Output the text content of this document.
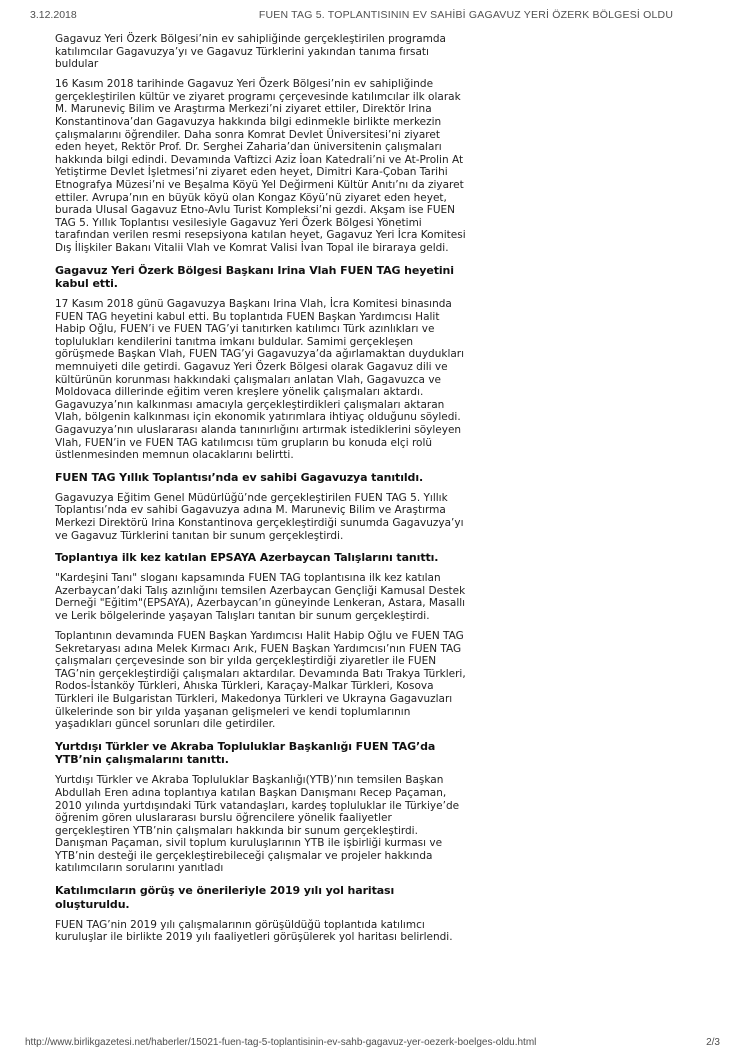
3.12.2018	FUEN TAG 5. TOPLANTISININ EV SAHİBİ GAGAVUZ YERİ ÖZERK BÖLGESİ OLDU

Gagavuz Yeri Özerk Bölgesi’nin ev sahipliğinde gerçekleştirilen programda katılımcılar Gagavuzya’yı ve Gagavuz Türklerini yakından tanıma fırsatı buldular

16 Kasım 2018 tarihinde Gagavuz Yeri Özerk Bölgesi’nin ev sahipliğinde gerçekleştirilen kültür ve ziyaret programı çerçevesinde katılımcılar ilk olarak M. Maruneviç Bilim ve Araştırma Merkezi’ni ziyaret ettiler, Direktör Irina Konstantinova’dan Gagavuzya hakkında bilgi edinmekle birlikte merkezin çalışmalarını öğrendiler. Daha sonra Komrat Devlet Üniversitesi’ni ziyaret eden heyet, Rektör Prof. Dr. Serghei Zaharia’dan üniversitenin çalışmaları hakkında bilgi edindi. Devamında Vaftizci Aziz İoan Katedrali’ni ve At-Prolin At Yetiştirme Devlet İşletmesi’ni ziyaret eden heyet, Dimitri Kara-Çoban Tarihi Etnografya Müzesi’ni ve Beşalma Köyü Yel Değirmeni Kültür Anıtı’nı da ziyaret ettiler. Avrupa’nın en büyük köyü olan Kongaz Köyü’nü ziyaret eden heyet, burada Ulusal Gagavuz Etno-Avlu Turist Kompleksi’ni gezdi. Akşam ise FUEN TAG 5. Yıllık Toplantısı vesilesiyle Gagavuz Yeri Özerk Bölgesi Yönetimi tarafından verilen resmi resepsiyona katılan heyet, Gagavuz Yeri İcra Komitesi Dış İlişkiler Bakanı Vitalii Vlah ve Komrat Valisi İvan Topal ile biraraya geldi.

Gagavuz Yeri Özerk Bölgesi Başkanı Irina Vlah FUEN TAG heyetini kabul etti.

17 Kasım 2018 günü Gagavuzya Başkanı Irina Vlah, İcra Komitesi binasında FUEN TAG heyetini kabul etti. Bu toplantıda FUEN Başkan Yardımcısı Halit Habip Oğlu, FUEN’i ve FUEN TAG’yi tanıtırken katılımcı Türk azınlıkları ve toplulukları kendilerini tanıtma imkanı buldular. Samimi gerçekleşen görüşmede Başkan Vlah, FUEN TAG’yi Gagavuzya’da ağırlamaktan duydukları memnuiyeti dile getirdi. Gagavuz Yeri Özerk Bölgesi olarak Gagavuz dili ve kültürünün korunması hakkındaki çalışmaları anlatan Vlah, Gagavuzca ve Moldovaca dillerinde eğitim veren kreşlere yönelik çalışmaları aktardı. Gagavuzya’nın kalkınması amacıyla gerçekleştirdikleri çalışmaları aktaran Vlah, bölgenin kalkınması için ekonomik yatırımlara ihtiyaç olduğunu söyledi. Gagavuzya’nın uluslararası alanda tanınırlığını artırmak istediklerini söyleyen Vlah, FUEN’in ve FUEN TAG katılımcısı tüm grupların bu konuda elçi rolü üstlenmesinden memnun olacaklarını belirtti.

FUEN TAG Yıllık Toplantısı’nda ev sahibi Gagavuzya tanıtıldı.

Gagavuzya Eğitim Genel Müdürlüğü’nde gerçekleştirilen FUEN TAG 5. Yıllık Toplantısı’nda ev sahibi Gagavuzya adına M. Maruneviç Bilim ve Araştırma Merkezi Direktörü Irina Konstantinova gerçekleştirdiği sunumda Gagavuzya’yı ve Gagavuz Türklerini tanıtan bir sunum gerçekleştirdi.

Toplantıya ilk kez katılan EPSAYA Azerbaycan Talışlarını tanıttı.

"Kardeşini Tanı" sloganı kapsamında FUEN TAG toplantısına ilk kez katılan Azerbaycan’daki Talış azınlığını temsilen Azerbaycan Gençliği Kamusal Destek Derneği "Eğitim"(EPSAYA), Azerbaycan’ın güneyinde Lenkeran, Astara, Masallı ve Lerik bölgelerinde yaşayan Talışları tanıtan bir sunum gerçekleştirdi.

Toplantının devamında FUEN Başkan Yardımcısı Halit Habip Oğlu ve FUEN TAG Sekretaryası adına Melek Kırmacı Arık, FUEN Başkan Yardımcısı’nın FUEN TAG çalışmaları çerçevesinde son bir yılda gerçekleştirdiği ziyaretler ile FUEN TAG’nin gerçekleştirdiği çalışmaları aktardılar. Devamında Batı Trakya Türkleri, Rodos-İstanköy Türkleri, Ahıska Türkleri, Karaçay-Malkar Türkleri, Kosova Türkleri ile Bulgaristan Türkleri, Makedonya Türkleri ve Ukrayna Gagavuzları ülkelerinde son bir yılda yaşanan gelişmeleri ve kendi toplumlarının yaşadıkları güncel sorunları dile getirdiler.

Yurtdışı Türkler ve Akraba Topluluklar Başkanlığı FUEN TAG’da YTB’nin çalışmalarını tanıttı.

Yurtdışı Türkler ve Akraba Topluluklar Başkanlığı(YTB)’nın temsilen Başkan Abdullah Eren adına toplantıya katılan Başkan Danışmanı Recep Paçaman, 2010 yılında yurtdışındaki Türk vatandaşları, kardeş topluluklar ile Türkiye’de öğrenim gören uluslararası burslu öğrencilere yönelik faaliyetler gerçekleştiren YTB’nin çalışmaları hakkında bir sunum gerçekleştirdi. Danışman Paçaman, sivil toplum kuruluşlarının YTB ile işbirliği kurması ve YTB’nin desteği ile gerçekleştirebileceği çalışmalar ve projeler hakkında katılımcıların sorularını yanıtladı

Katılımcıların görüş ve önerileriyle 2019 yılı yol haritası oluşturuldu.

FUEN TAG’nin 2019 yılı çalışmalarının görüşüldüğü toplantıda katılımcı kuruluşlar ile birlikte 2019 yılı faaliyetleri görüşülerek yol haritası belirlendi.

http://www.birlikgazetesi.net/haberler/15021-fuen-tag-5-toplantisinin-ev-sahb-gagavuz-yer-oezerk-boelges-oldu.html	2/3
